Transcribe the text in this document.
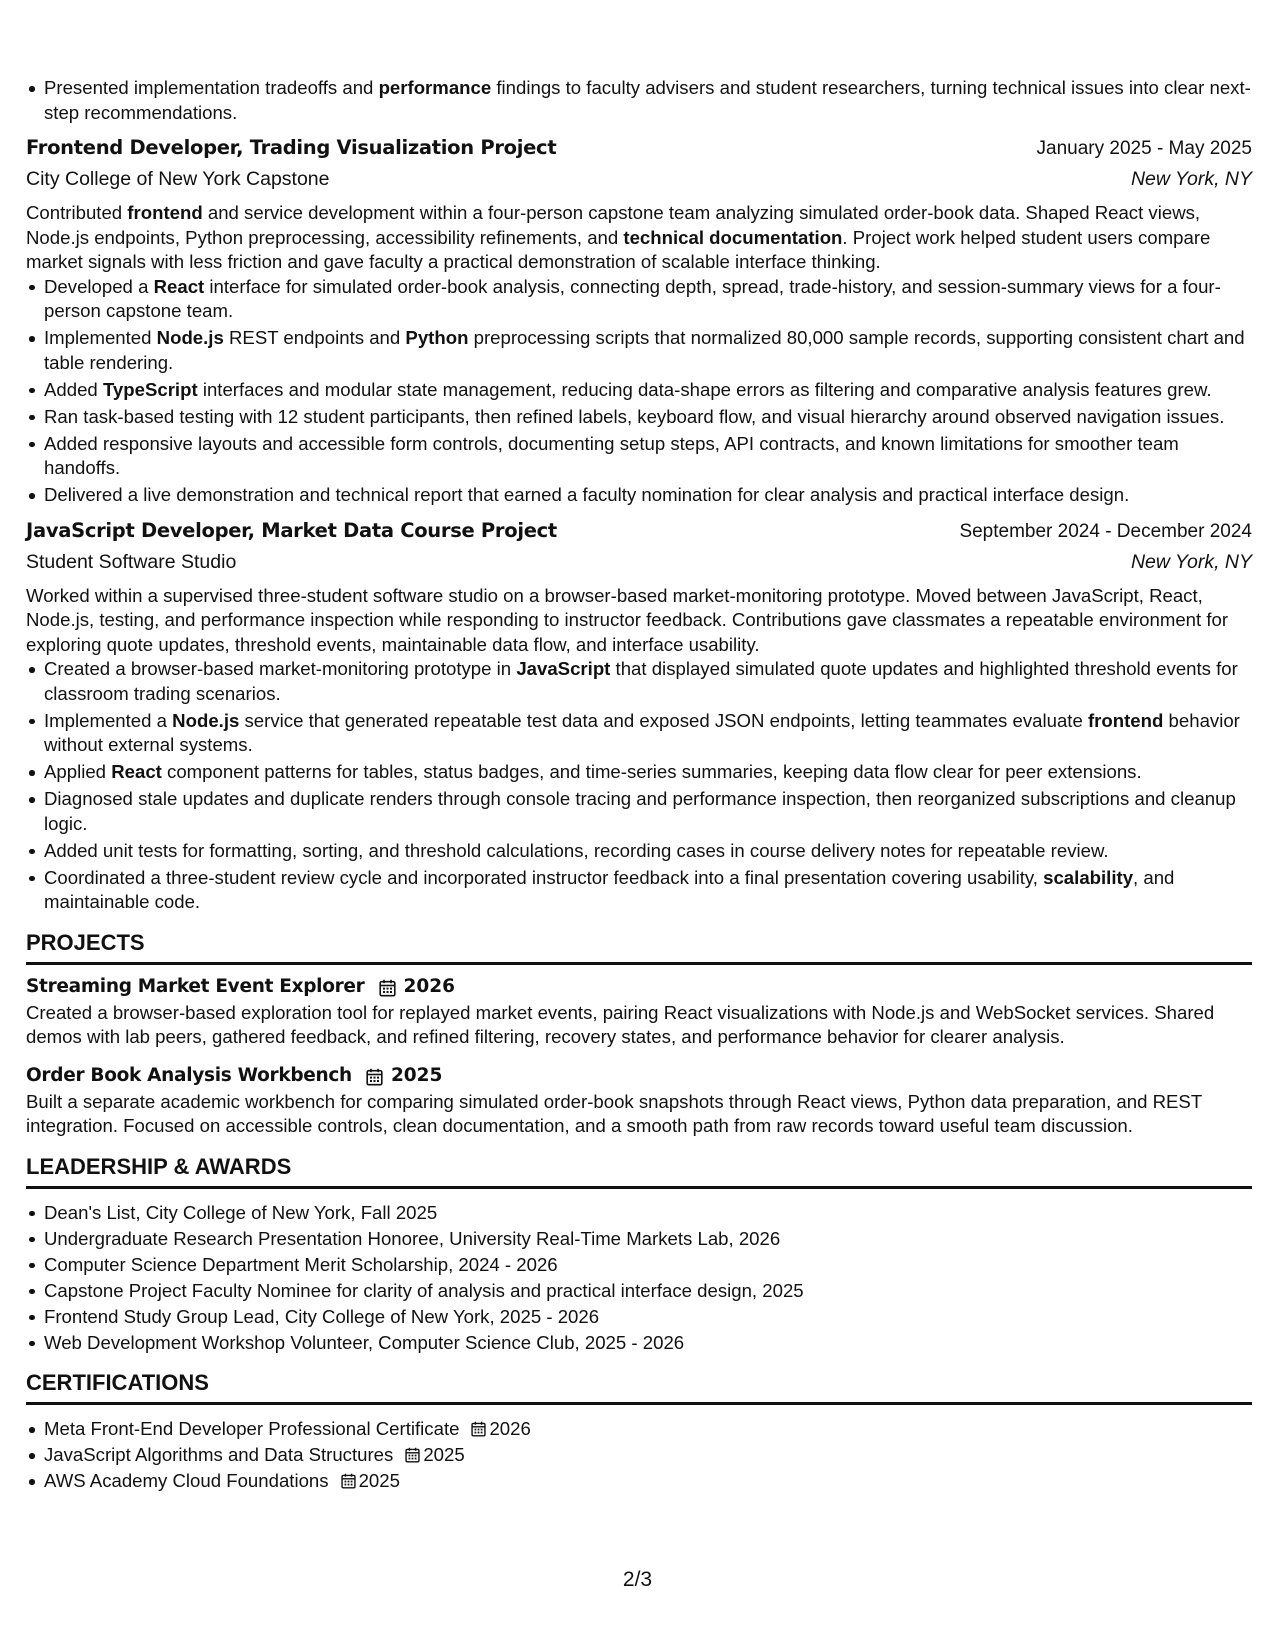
Presented implementation tradeoffs and performance findings to faculty advisers and student researchers, turning technical issues into clear next-step recommendations.
Frontend Developer, Trading Visualization Project	January 2025 - May 2025
City College of New York Capstone	New York, NY
Contributed frontend and service development within a four-person capstone team analyzing simulated order-book data. Shaped React views, Node.js endpoints, Python preprocessing, accessibility refinements, and technical documentation. Project work helped student users compare market signals with less friction and gave faculty a practical demonstration of scalable interface thinking.
Developed a React interface for simulated order-book analysis, connecting depth, spread, trade-history, and session-summary views for a four-person capstone team.
Implemented Node.js REST endpoints and Python preprocessing scripts that normalized 80,000 sample records, supporting consistent chart and table rendering.
Added TypeScript interfaces and modular state management, reducing data-shape errors as filtering and comparative analysis features grew.
Ran task-based testing with 12 student participants, then refined labels, keyboard flow, and visual hierarchy around observed navigation issues.
Added responsive layouts and accessible form controls, documenting setup steps, API contracts, and known limitations for smoother team handoffs.
Delivered a live demonstration and technical report that earned a faculty nomination for clear analysis and practical interface design.
JavaScript Developer, Market Data Course Project	September 2024 - December 2024
Student Software Studio	New York, NY
Worked within a supervised three-student software studio on a browser-based market-monitoring prototype. Moved between JavaScript, React, Node.js, testing, and performance inspection while responding to instructor feedback. Contributions gave classmates a repeatable environment for exploring quote updates, threshold events, maintainable data flow, and interface usability.
Created a browser-based market-monitoring prototype in JavaScript that displayed simulated quote updates and highlighted threshold events for classroom trading scenarios.
Implemented a Node.js service that generated repeatable test data and exposed JSON endpoints, letting teammates evaluate frontend behavior without external systems.
Applied React component patterns for tables, status badges, and time-series summaries, keeping data flow clear for peer extensions.
Diagnosed stale updates and duplicate renders through console tracing and performance inspection, then reorganized subscriptions and cleanup logic.
Added unit tests for formatting, sorting, and threshold calculations, recording cases in course delivery notes for repeatable review.
Coordinated a three-student review cycle and incorporated instructor feedback into a final presentation covering usability, scalability, and maintainable code.
PROJECTS
Streaming Market Event Explorer 2026
Created a browser-based exploration tool for replayed market events, pairing React visualizations with Node.js and WebSocket services. Shared demos with lab peers, gathered feedback, and refined filtering, recovery states, and performance behavior for clearer analysis.
Order Book Analysis Workbench 2025
Built a separate academic workbench for comparing simulated order-book snapshots through React views, Python data preparation, and REST integration. Focused on accessible controls, clean documentation, and a smooth path from raw records toward useful team discussion.
LEADERSHIP & AWARDS
Dean's List, City College of New York, Fall 2025
Undergraduate Research Presentation Honoree, University Real-Time Markets Lab, 2026
Computer Science Department Merit Scholarship, 2024 - 2026
Capstone Project Faculty Nominee for clarity of analysis and practical interface design, 2025
Frontend Study Group Lead, City College of New York, 2025 - 2026
Web Development Workshop Volunteer, Computer Science Club, 2025 - 2026
CERTIFICATIONS
Meta Front-End Developer Professional Certificate 2026
JavaScript Algorithms and Data Structures 2025
AWS Academy Cloud Foundations 2025
2/3
